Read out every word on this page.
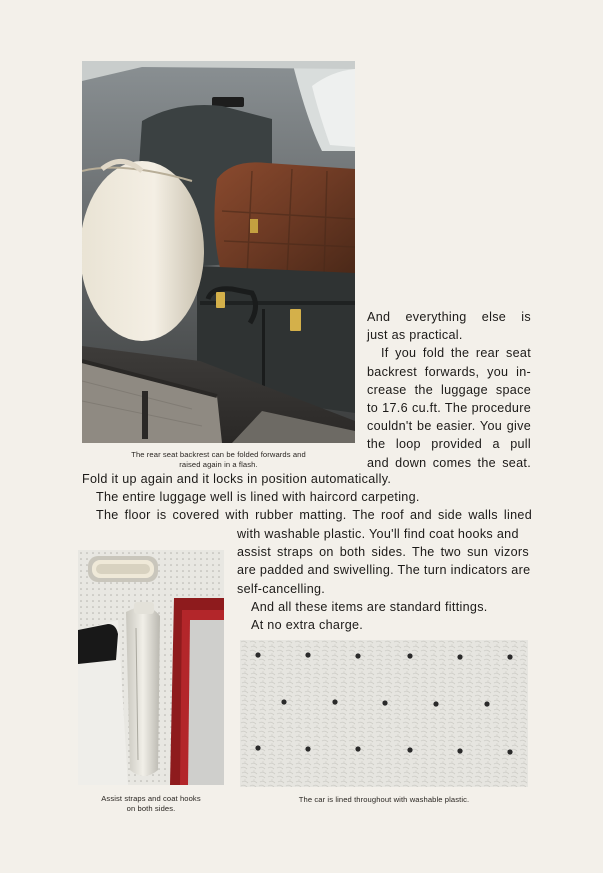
The rear seat backrest can be folded forwards and
raised again in a flash.
And everything else is
just as practical.
If you fold the rear seat
backrest forwards, you in-
crease the luggage space
to 17.6 cu.ft. The procedure
couldn't be easier. You give
the loop provided a pull
and down comes the seat.
Fold it up again and it locks in position automatically.
The entire luggage well is lined with haircord carpeting.
The floor is covered with rubber matting. The roof and side walls lined
with washable plastic. You'll find coat hooks and
assist straps on both sides. The two sun vizors
are padded and swivelling. The turn indicators are
self-cancelling.
And all these items are standard fittings.
At no extra charge.
Assist straps and coat hooks
on both sides.
The car is lined throughout with washable plastic.
